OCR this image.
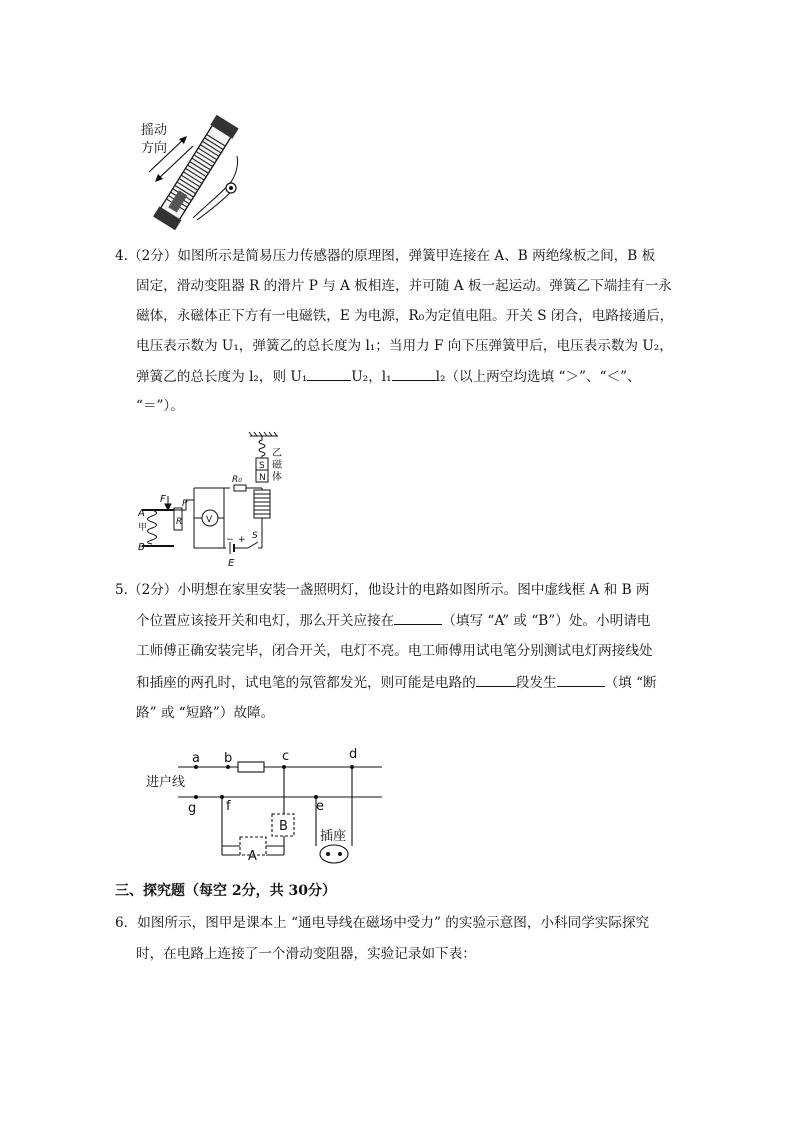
摇动
方向
4.（2分）如图所示是简易压力传感器的原理图，弹簧甲连接在 A、B 两绝缘板之间，B 板
固定，滑动变阻器 R 的滑片 P 与 A 板相连，并可随 A 板一起运动。弹簧乙下端挂有一永
磁体，永磁体正下方有一电磁铁，E 为电源，R₀为定值电阻。开关 S 闭合，电路接通后，
电压表示数为 U₁，弹簧乙的总长度为 l₁；当用力 F 向下压弹簧甲后，电压表示数为 U₂，
弹簧乙的总长度为 l₂，则 U₁	U₂，l₁	l₂（以上两空均选填 “＞”、“＜”、
“＝”）。
乙
磁
体
S
N
R₀
F
A
甲
B
P
R	V
− +
E
S
5.（2分）小明想在家里安装一盏照明灯，他设计的电路如图所示。图中虚线框 A 和 B 两
个位置应该接开关和电灯，那么开关应接在	（填写 “A” 或 “B”）处。小明请电
工师傅正确安装完毕，闭合开关，电灯不亮。电工师傅用试电笔分别测试电灯两接线处
和插座的两孔时，试电笔的氖管都发光，则可能是电路的	段发生	（填 “断
路” 或 “短路”）故障。
a b	c	d
进户线
g f	e
B
A
插座
三、探究题（每空 2分，共 30分）
6．如图所示，图甲是课本上 “通电导线在磁场中受力” 的实验示意图，小科同学实际探究
时，在电路上连接了一个滑动变阻器，实验记录如下表：
